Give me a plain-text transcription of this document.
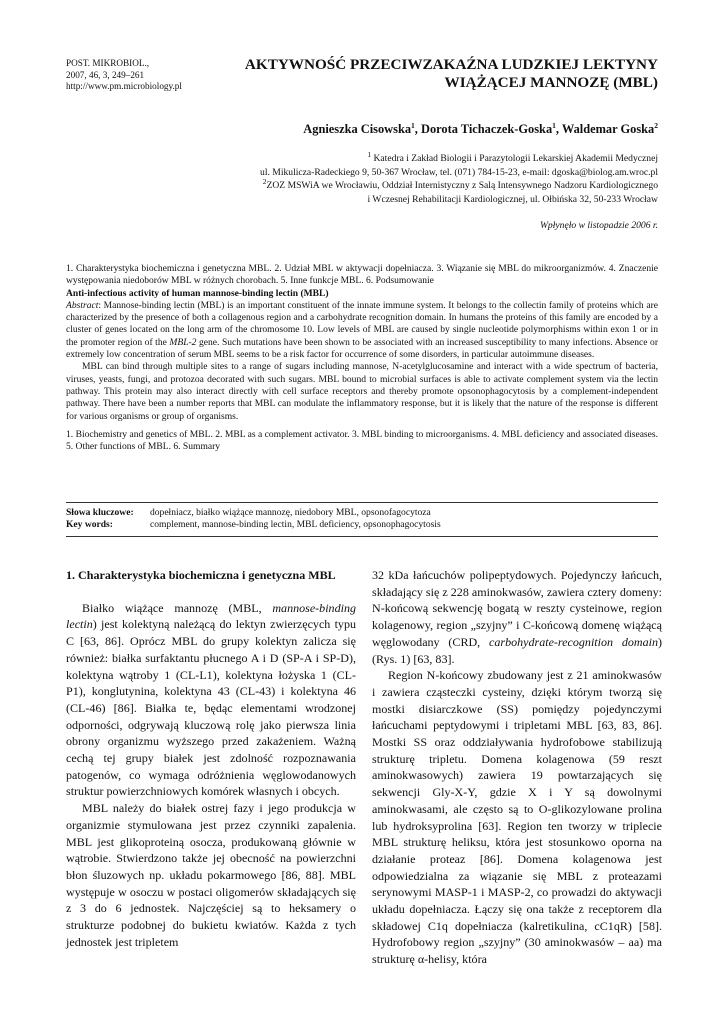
POST. MIKROBIOL.,
2007, 46, 3, 249–261
http://www.pm.microbiology.pl
AKTYWNOŚĆ PRZECIWZAKAŹNA LUDZKIEJ LEKTYNY
WIĄŻĄCEJ MANNOZĘ (MBL)
Agnieszka Cisowska$^1$, Dorota Tichaczek-Goska$^1$, Waldemar Goska$^2$
$^1$ Katedra i Zakład Biologii i Parazytologii Lekarskiej Akademii Medycznej
ul. Mikulicza-Radeckiego 9, 50-367 Wrocław, tel. (071) 784-15-23, e-mail: dgoska@biolog.am.wroc.pl
$^2$ZOZ MSWiA we Wrocławiu, Oddział Internistyczny z Salą Intensywnego Nadzoru Kardiologicznego
i Wczesnej Rehabilitacji Kardiologicznej, ul. Ołbińska 32, 50-233 Wrocław
Wpłynęło w listopadzie 2006 r.

1. Charakterystyka biochemiczna i genetyczna MBL. 2. Udział MBL w aktywacji dopełniacza. 3. Wiązanie się MBL do mikroorganizmów. 4. Znaczenie występowania niedoborów MBL w różnych chorobach. 5. Inne funkcje MBL. 6. Podsumowanie

Anti-infectious activity of human mannose-binding lectin (MBL)

Abstract: Mannose-binding lectin (MBL) is an important constituent of the innate immune system. It belongs to the collectin family of proteins which are characterized by the presence of both a collagenous region and a carbohydrate recognition domain. In humans the proteins of this family are encoded by a cluster of genes located on the long arm of the chromosome 10. Low levels of MBL are caused by single nucleotide polymorphisms within exon 1 or in the promoter region of the MBL-2 gene. Such mutations have been shown to be associated with an increased susceptibility to many infections. Absence or extremely low concentration of serum MBL seems to be a risk factor for occurrence of some disorders, in particular autoimmune diseases.

MBL can bind through multiple sites to a range of sugars including mannose, N-acetylglucosamine and interact with a wide spectrum of bacteria, viruses, yeasts, fungi, and protozoa decorated with such sugars. MBL bound to microbial surfaces is able to activate complement system via the lectin pathway. This protein may also interact directly with cell surface receptors and thereby promote opsonophagocytosis by a complement-independent pathway. There have been a number reports that MBL can modulate the inflammatory response, but it is likely that the nature of the response is different for various organisms or group of organisms.

1. Biochemistry and genetics of MBL. 2. MBL as a complement activator. 3. MBL binding to microorganisms. 4. MBL deficiency and associated diseases. 5. Other functions of MBL. 6. Summary

Słowa kluczowe:	dopełniacz, białko wiążące mannozę, niedobory MBL, opsonofagocytoza
Key words:	complement, mannose-binding lectin, MBL deficiency, opsonophagocytosis

1. Charakterystyka biochemiczna i genetyczna MBL

Białko wiążące mannozę (MBL, mannose-binding lectin) jest kolektyną należącą do lektyn zwierzęcych typu C [63, 86]. Oprócz MBL do grupy kolektyn zalicza się również: białka surfaktantu płucnego A i D (SP-A i SP-D), kolektyna wątroby 1 (CL-L1), kolektyna łożyska 1 (CL-P1), konglutynina, kolektyna 43 (CL-43) i kolektyna 46 (CL-46) [86]. Białka te, będąc elementami wrodzonej odporności, odgrywają kluczową rolę jako pierwsza linia obrony organizmu wyższego przed zakażeniem. Ważną cechą tej grupy białek jest zdolność rozpoznawania patogenów, co wymaga odróżnienia węglowodanowych struktur powierzchniowych komórek własnych i obcych.

MBL należy do białek ostrej fazy i jego produkcja w organizmie stymulowana jest przez czynniki zapalenia. MBL jest glikoproteiną osocza, produkowaną głównie w wątrobie. Stwierdzono także jej obecność na powierzchni błon śluzowych np. układu pokarmowego [86, 88]. MBL występuje w osoczu w postaci oligomerów składających się z 3 do 6 jednostek. Najczęściej są to heksamery o strukturze podobnej do bukietu kwiatów. Każda z tych jednostek jest tripletem

32 kDa łańcuchów polipeptydowych. Pojedynczy łańcuch, składający się z 228 aminokwasów, zawiera cztery domeny: N-końcową sekwencję bogatą w reszty cysteinowe, region kolagenowy, region „szyjny” i C-końcową domenę wiążącą węglowodany (CRD, carbohydrate-recognition domain) (Rys. 1) [63, 83].

Region N-końcowy zbudowany jest z 21 aminokwasów i zawiera cząsteczki cysteiny, dzięki którym tworzą się mostki disiarczkowe (SS) pomiędzy pojedynczymi łańcuchami peptydowymi i tripletami MBL [63, 83, 86]. Mostki SS oraz oddziaływania hydrofobowe stabilizują strukturę tripletu. Domena kolagenowa (59 reszt aminokwasowych) zawiera 19 powtarzających się sekwencji Gly-X-Y, gdzie X i Y są dowolnymi aminokwasami, ale często są to O-glikozylowane prolina lub hydroksyprolina [63]. Region ten tworzy w triplecie MBL strukturę heliksu, która jest stosunkowo oporna na działanie proteaz [86]. Domena kolagenowa jest odpowiedzialna za wiązanie się MBL z proteazami serynowymi MASP-1 i MASP-2, co prowadzi do aktywacji układu dopełniacza. Łączy się ona także z receptorem dla składowej C1q dopełniacza (kalretikulina, cC1qR) [58]. Hydrofobowy region „szyjny” (30 aminokwasów – aa) ma strukturę α-helisy, która
